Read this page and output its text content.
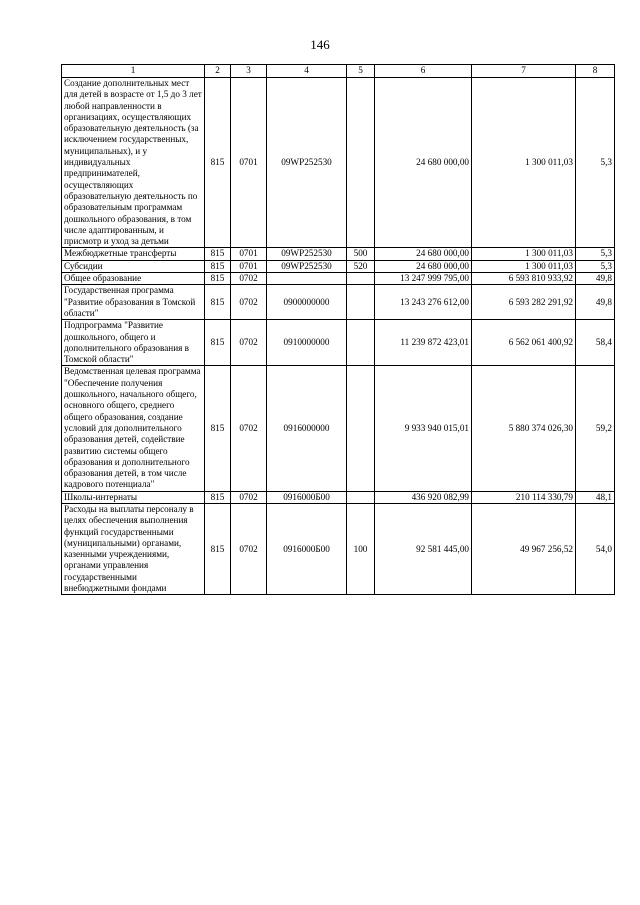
146
1	2	3	4	5	6	7	8
Создание дополнительных мест для детей в возрасте от 1,5 до 3 лет любой направленности в организациях, осуществляющих образовательную деятельность (за исключением государственных, муниципальных), и у индивидуальных предпринимателей, осуществляющих образовательную деятельность по образовательным программам дошкольного образования, в том числе адаптированным, и присмотр и уход за детьми	815	0701	09WP252530		24 680 000,00	1 300 011,03	5,3
Межбюджетные трансферты	815	0701	09WP252530	500	24 680 000,00	1 300 011,03	5,3
Субсидии	815	0701	09WP252530	520	24 680 000,00	1 300 011,03	5,3
Общее образование	815	0702			13 247 999 795,00	6 593 810 933,92	49,8
Государственная программа "Развитие образования в Томской области"	815	0702	0900000000		13 243 276 612,00	6 593 282 291,92	49,8
Подпрограмма "Развитие дошкольного, общего и дополнительного образования в Томской области"	815	0702	0910000000		11 239 872 423,01	6 562 061 400,92	58,4
Ведомственная целевая программа "Обеспечение получения дошкольного, начального общего, основного общего, среднего общего образования, создание условий для дополнительного образования детей, содействие развитию системы общего образования и дополнительного образования детей, в том числе кадрового потенциала"	815	0702	0916000000		9 933 940 015,01	5 880 374 026,30	59,2
Школы-интернаты	815	0702	0916000Б00		436 920 082,99	210 114 330,79	48,1
Расходы на выплаты персоналу в целях обеспечения выполнения функций государственными (муниципальными) органами, казенными учреждениями, органами управления государственными внебюджетными фондами	815	0702	0916000Б00	100	92 581 445,00	49 967 256,52	54,0
